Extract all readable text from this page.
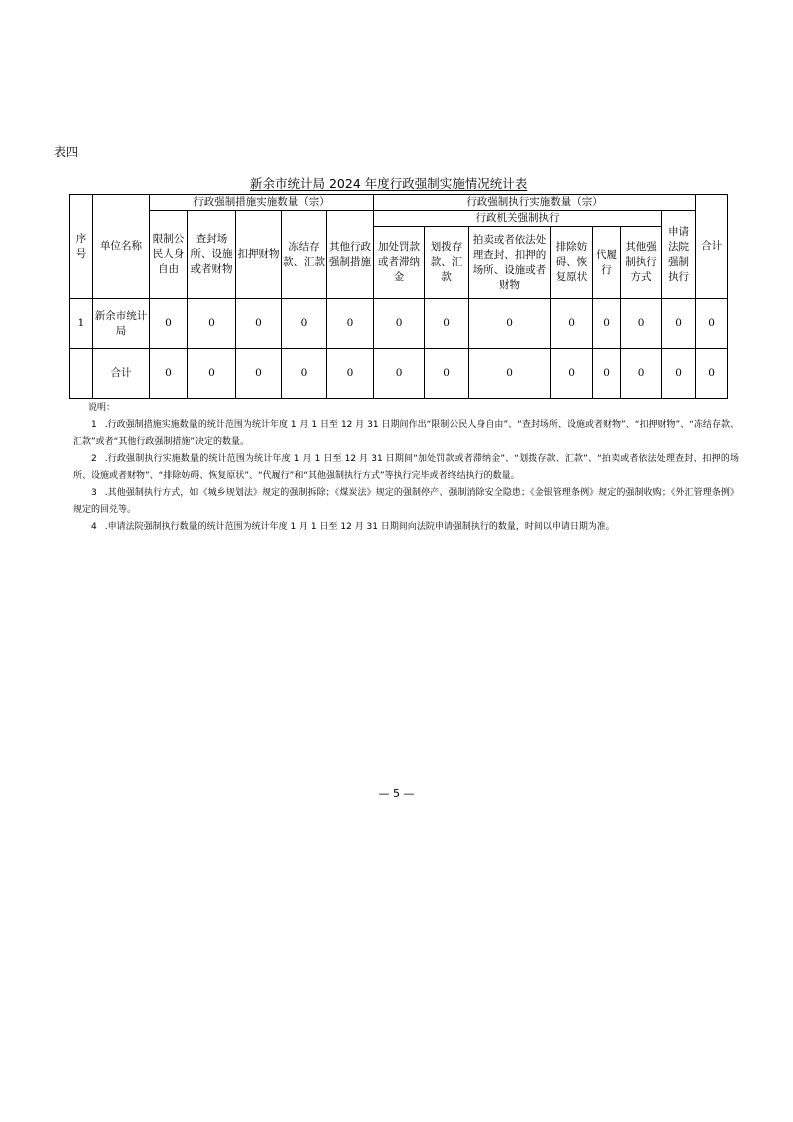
表四
新余市统计局 2024 年度行政强制实施情况统计表
序号	单位名称	行政强制措施实施数量（宗）					行政强制执行实施数量（宗）							合计
		限制公民人身自由	查封场所、设施或者财物	扣押财物	冻结存款、汇款	其他行政强制措施	行政机关强制执行						申请法院强制执行	
							加处罚款或者滞纳金	划拨存款、汇款	拍卖或者依法处理查封、扣押的场所、设施或者财物	排除妨碍、恢复原状	代履行	其他强制执行方式		
1	新余市统计局	0	0	0	0	0	0	0	0	0	0	0	0	0
	合计	0	0	0	0	0	0	0	0	0	0	0	0	0

说明：

1 .行政强制措施实施数量的统计范围为统计年度 1 月 1 日至 12 月 31 日期间作出“限制公民人身自由”、“查封场所、设施或者财物”、“扣押财物”、“冻结存款、汇款”或者“其他行政强制措施”决定的数量。

2 .行政强制执行实施数量的统计范围为统计年度 1 月 1 日至 12 月 31 日期间“加处罚款或者滞纳金”、“划拨存款、汇款”、“拍卖或者依法处理查封、扣押的场所、设施或者财物”、“排除妨碍、恢复原状”、“代履行”和“其他强制执行方式”等执行完毕或者终结执行的数量。

3 .其他强制执行方式，如《城乡规划法》规定的强制拆除；《煤炭法》规定的强制停产、强制消除安全隐患；《金银管理条例》规定的强制收购；《外汇管理条例》规定的回兑等。

4 .申请法院强制执行数量的统计范围为统计年度 1 月 1 日至 12 月 31 日期间向法院申请强制执行的数量，时间以申请日期为准。

— 5 —
